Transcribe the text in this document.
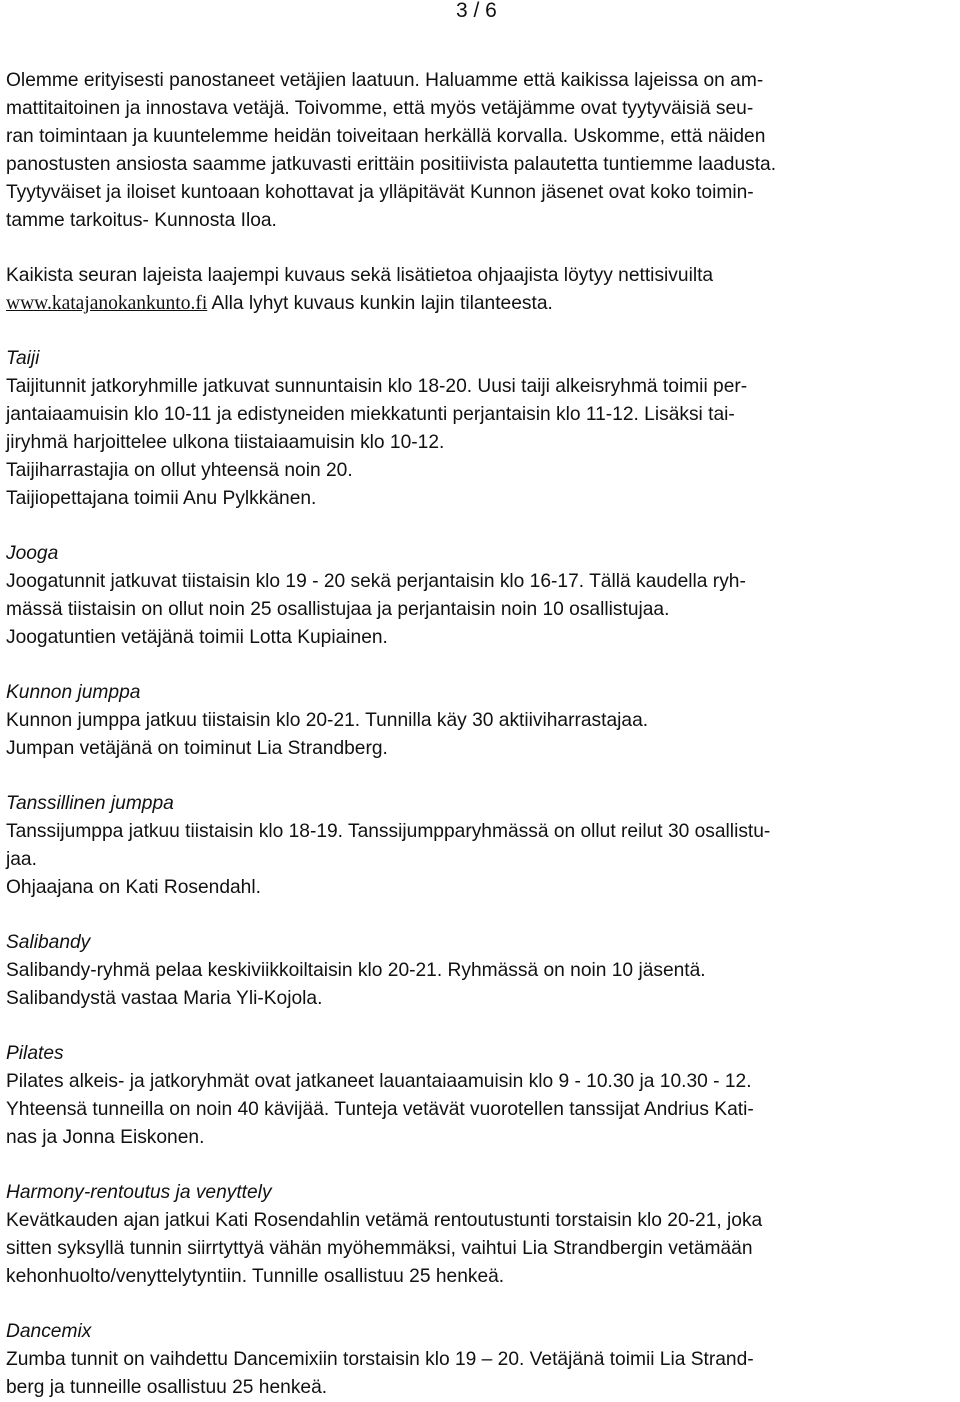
3 / 6
Olemme erityisesti panostaneet vetäjien laatuun. Haluamme että kaikissa lajeissa on am-
mattitaitoinen ja innostava vetäjä. Toivomme, että myös vetäjämme ovat tyytyväisiä seu-
ran toimintaan ja kuuntelemme heidän toiveitaan herkällä korvalla. Uskomme, että näiden
panostusten ansiosta saamme jatkuvasti erittäin positiivista palautetta tuntiemme laadusta.
Tyytyväiset ja iloiset kuntoaan kohottavat ja ylläpitävät Kunnon jäsenet ovat koko toimin-
tamme tarkoitus- Kunnosta Iloa.
Kaikista seuran lajeista laajempi kuvaus sekä lisätietoa ohjaajista löytyy nettisivuilta
www.katajanokankunto.fi Alla lyhyt kuvaus kunkin lajin tilanteesta.
Taiji
Taijitunnit jatkoryhmille jatkuvat sunnuntaisin klo 18-20. Uusi taiji alkeisryhmä toimii per-
jantaiaamuisin klo 10-11 ja edistyneiden miekkatunti perjantaisin klo 11-12. Lisäksi tai-
jiryhmä harjoittelee ulkona tiistaiaamuisin klo 10-12.
Taijiharrastajia on ollut yhteensä noin 20.
Taijiopettajana toimii Anu Pylkkänen.
Jooga
Joogatunnit jatkuvat tiistaisin klo 19 - 20 sekä perjantaisin klo 16-17. Tällä kaudella ryh-
mässä tiistaisin on ollut noin 25 osallistujaa ja perjantaisin noin 10 osallistujaa.
Joogatuntien vetäjänä toimii Lotta Kupiainen.
Kunnon jumppa
Kunnon jumppa jatkuu tiistaisin klo 20-21. Tunnilla käy 30 aktiiviharrastajaa.
Jumpan vetäjänä on toiminut Lia Strandberg.
Tanssillinen jumppa
Tanssijumppa jatkuu tiistaisin klo 18-19. Tanssijumpparyhmässä on ollut reilut 30 osallistu-
jaa.
Ohjaajana on Kati Rosendahl.
Salibandy
Salibandy-ryhmä pelaa keskiviikkoiltaisin klo 20-21. Ryhmässä on noin 10 jäsentä.
Salibandystä vastaa Maria Yli-Kojola.
Pilates
Pilates alkeis- ja jatkoryhmät ovat jatkaneet lauantaiaamuisin klo 9 - 10.30 ja 10.30 - 12.
Yhteensä tunneilla on noin 40 kävijää. Tunteja vetävät vuorotellen tanssijat Andrius Kati-
nas ja Jonna Eiskonen.
Harmony-rentoutus ja venyttely
Kevätkauden ajan jatkui Kati Rosendahlin vetämä rentoutustunti torstaisin klo 20-21, joka
sitten syksyllä tunnin siirrtyttyä vähän myöhemmäksi, vaihtui Lia Strandbergin vetämään
kehonhuolto/venyttelytyntiin. Tunnille osallistuu 25 henkeä.
Dancemix
Zumba tunnit on vaihdettu Dancemixiin torstaisin klo 19 – 20. Vetäjänä toimii Lia Strand-
berg ja tunneille osallistuu 25 henkeä.
